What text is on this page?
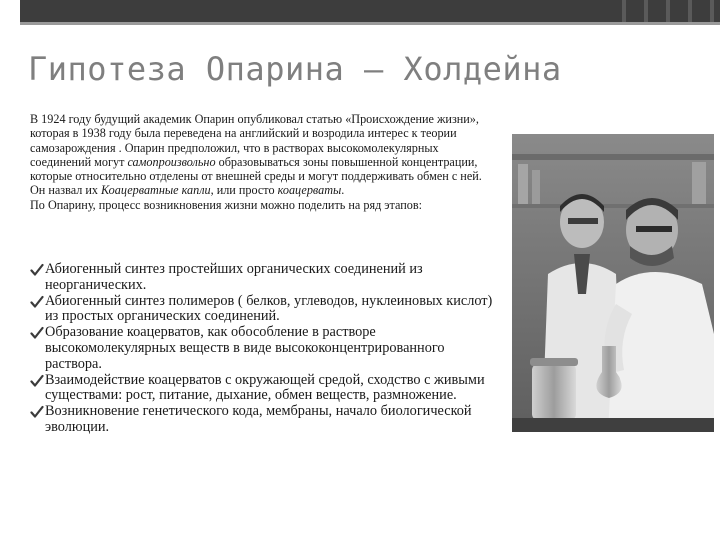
Гипотеза Опарина — Холдейна

В 1924 году будущий академик Опарин опубликовал статью «Происхождение жизни», которая в 1938 году была переведена на английский и возродила интерес к теории самозарождения . Опарин предположил, что в растворах высокомолекулярных соединений могут самопроизвольно образовываться зоны повышенной концентрации, которые относительно отделены от внешней среды и могут поддерживать обмен с ней. Он назвал их Коацерватные капли, или просто коацерваты.

По Опарину, процесс возникновения жизни можно поделить на ряд этапов:

Абиогенный синтез простейших органических соединений из неорганических.
Абиогенный синтез полимеров ( белков, углеводов, нуклеиновых кислот) из простых органических соединений.
Образование коацерватов, как обособление в растворе высокомолекулярных веществ в виде высококонцентрированного раствора.
Взаимодействие коацерватов с окружающей средой, сходство с живыми существами: рост, питание, дыхание, обмен веществ, размножение.
Возникновение генетического кода, мембраны, начало биологической эволюции.
